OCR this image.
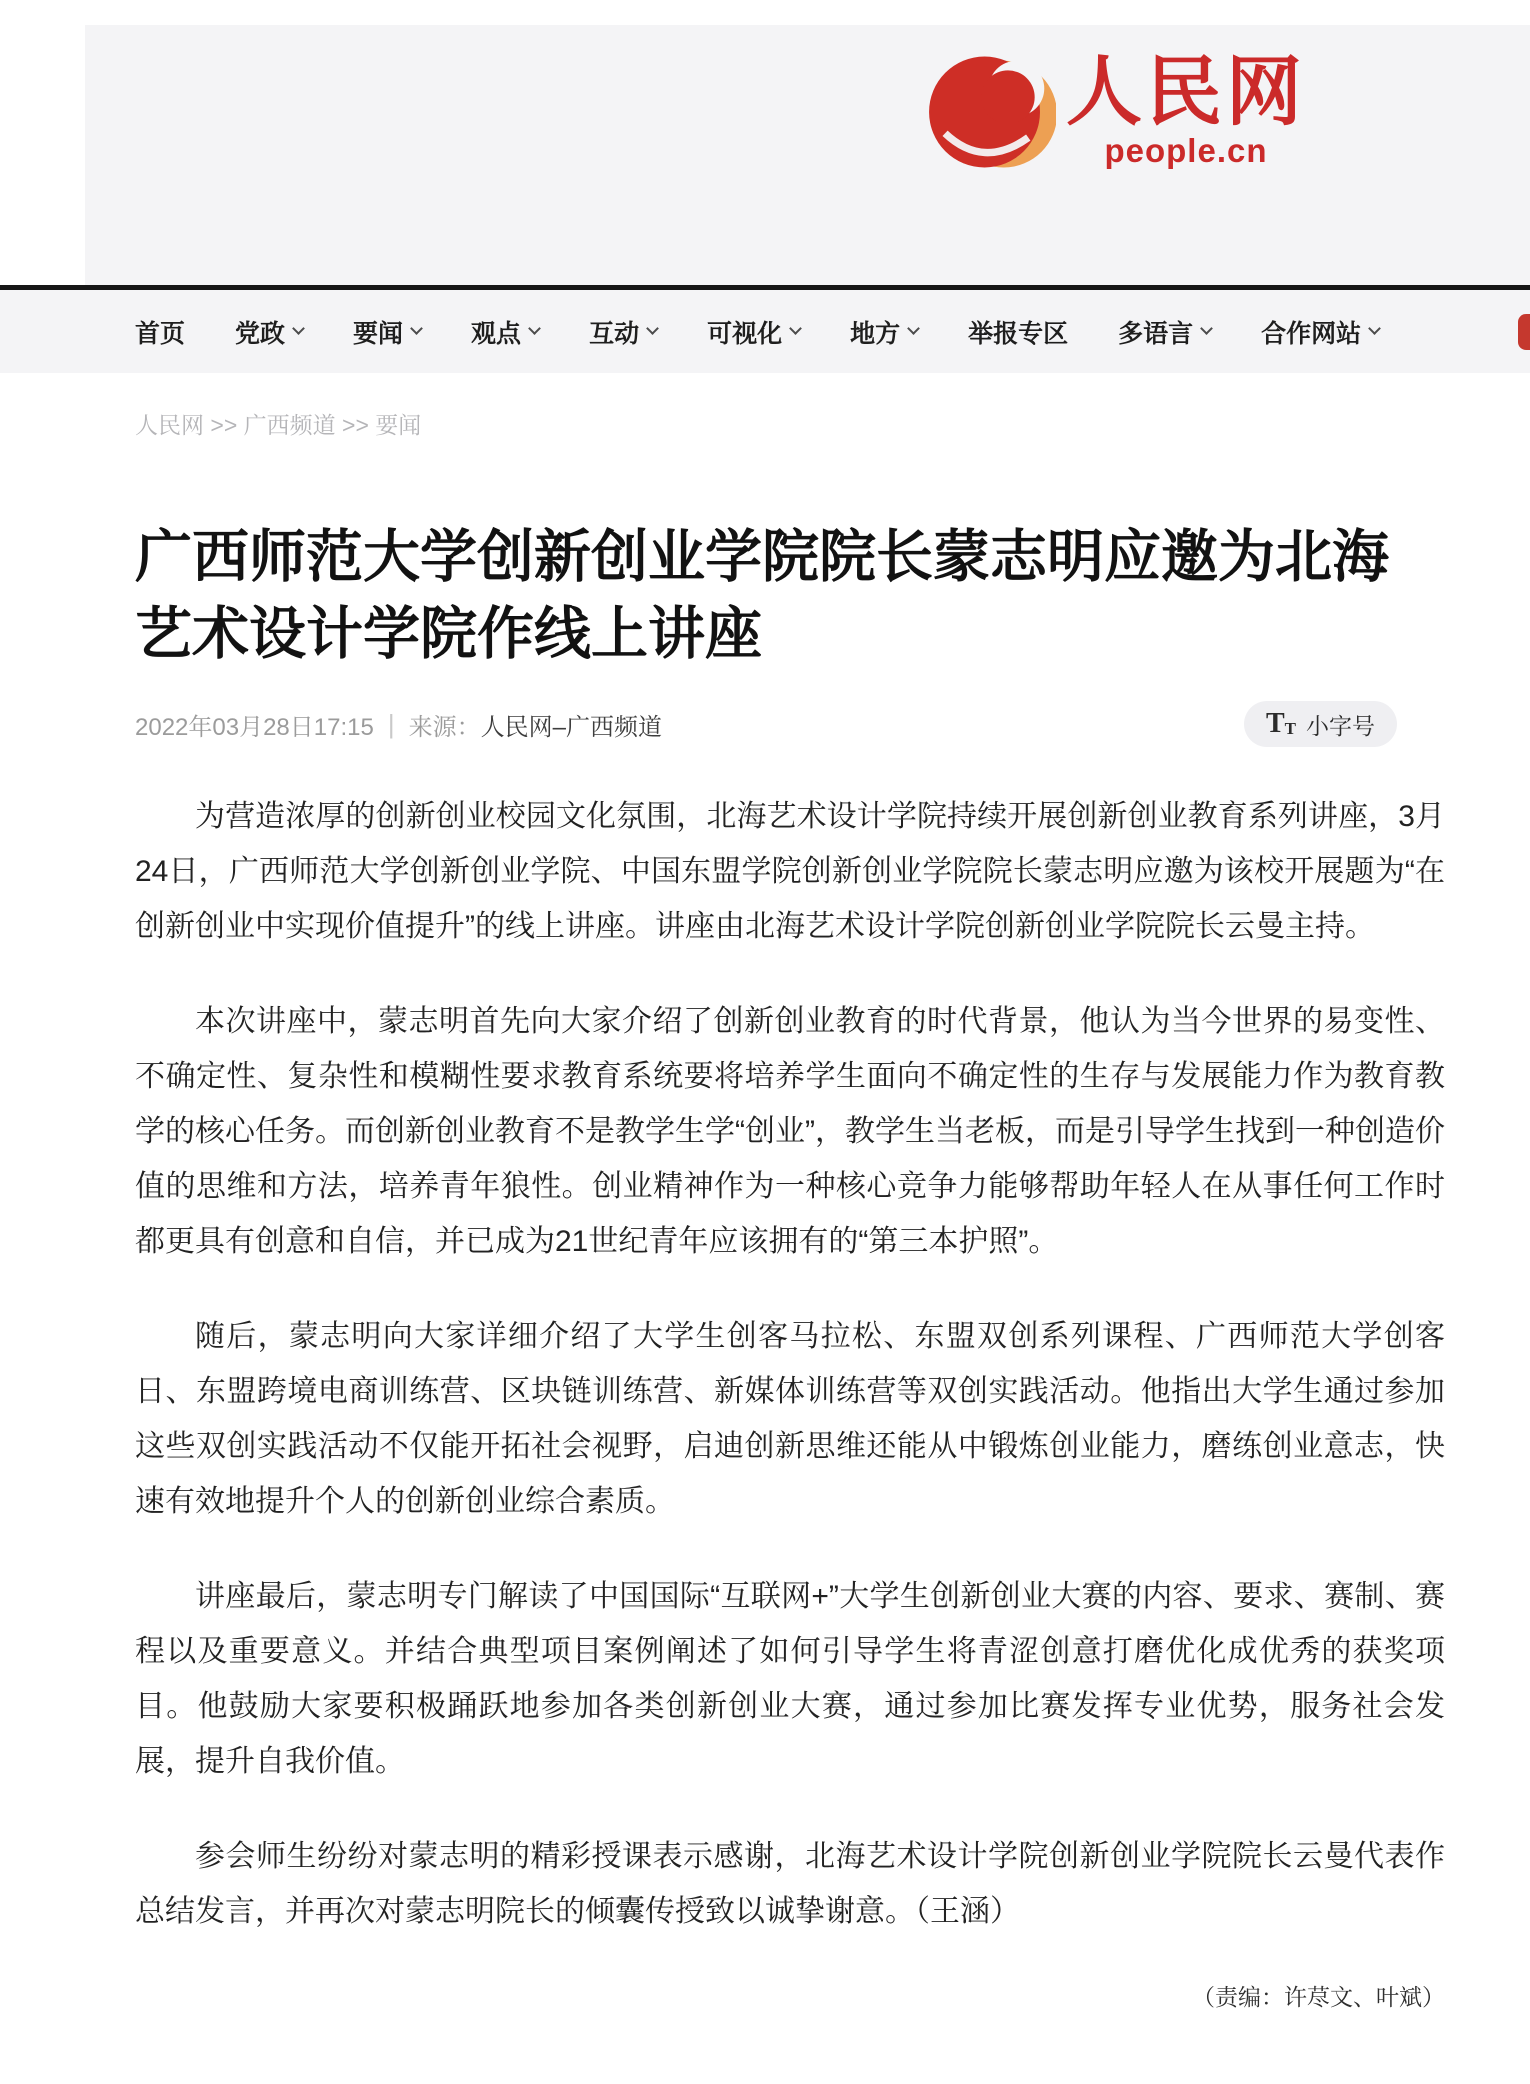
人民网
people.cn
首页 党政	要闻	观点	互动	可视化	地方	举报专区 多语言	合作网站
人民网 >> 广西频道 >> 要闻
广西师范大学创新创业学院院长蒙志明应邀为北海艺术设计学院作线上讲座
2022年03月28日17:15 | 来源： 人民网–广西频道	T T 小字号

为营造浓厚的创新创业校园文化氛围，北海艺术设计学院持续开展创新创业教育系列讲座，3月24日，广西师范大学创新创业学院、中国东盟学院创新创业学院院长蒙志明应邀为该校开展题为“在创新创业中实现价值提升”的线上讲座。讲座由北海艺术设计学院创新创业学院院长云曼主持。

本次讲座中，蒙志明首先向大家介绍了创新创业教育的时代背景，他认为当今世界的易变性、不确定性、复杂性和模糊性要求教育系统要将培养学生面向不确定性的生存与发展能力作为教育教学的核心任务。而创新创业教育不是教学生学“创业”，教学生当老板，而是引导学生找到一种创造价值的思维和方法，培养青年狼性。创业精神作为一种核心竞争力能够帮助年轻人在从事任何工作时都更具有创意和自信，并已成为21世纪青年应该拥有的“第三本护照”。

随后，蒙志明向大家详细介绍了大学生创客马拉松、东盟双创系列课程、广西师范大学创客日、东盟跨境电商训练营、区块链训练营、新媒体训练营等双创实践活动。他指出大学生通过参加这些双创实践活动不仅能开拓社会视野，启迪创新思维还能从中锻炼创业能力，磨练创业意志，快速有效地提升个人的创新创业综合素质。

讲座最后，蒙志明专门解读了中国国际“互联网+”大学生创新创业大赛的内容、要求、赛制、赛程以及重要意义。并结合典型项目案例阐述了如何引导学生将青涩创意打磨优化成优秀的获奖项目。他鼓励大家要积极踊跃地参加各类创新创业大赛，通过参加比赛发挥专业优势，服务社会发展，提升自我价值。

参会师生纷纷对蒙志明的精彩授课表示感谢，北海艺术设计学院创新创业学院院长云曼代表作总结发言，并再次对蒙志明院长的倾囊传授致以诚挚谢意。（王涵）

（责编：许荩文、叶斌）
